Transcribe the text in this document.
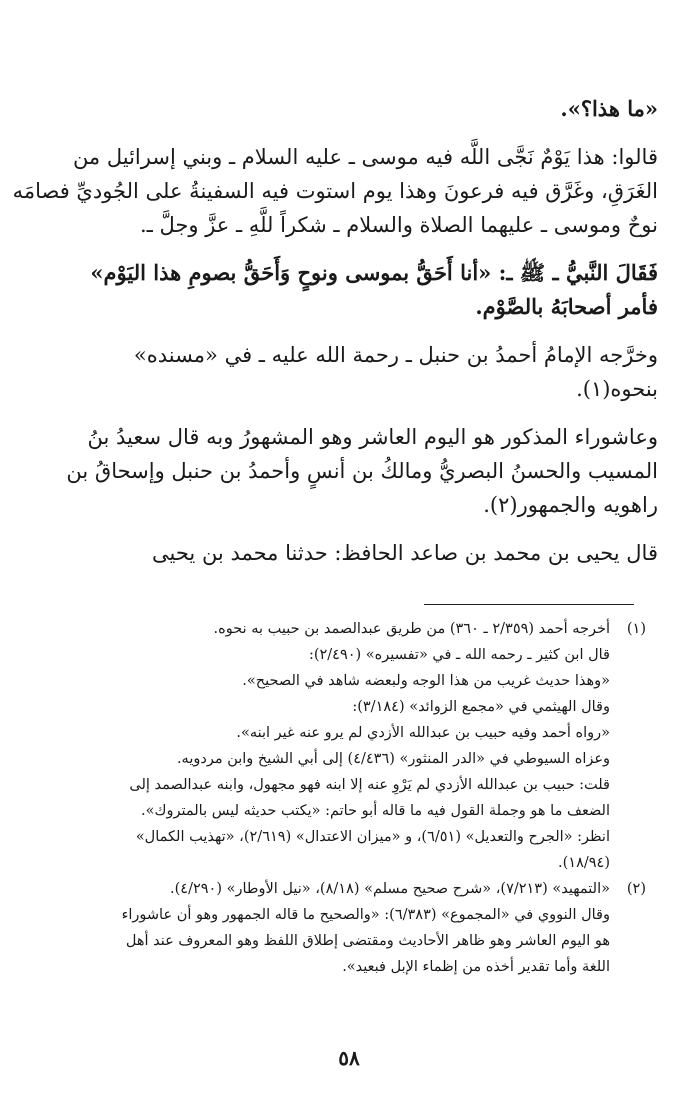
«ما هذا؟».
قالوا: هذا يَوْمٌ نَجَّى اللَّه فيه موسى ـ عليه السلام ـ وبني إسرائيل من
الغَرَقِ، وغَرَّق فيه فرعونَ وهذا يوم استوت فيه السفينةُ على الجُوديِّ فصامَه
نوحٌ وموسى ـ عليهما الصلاة والسلام ـ شكراً للَّهِ ـ عزَّ وجلَّ ـ.
فَقَالَ النَّبيُّ ـ ﷺ ـ: «أنا أَحَقُّ بموسى ونوحٍ وَأَحَقُّ بصومِ هذا اليَوْم»
فأمر أصحابَهُ بالصَّوْم.
وخرَّجه الإمامُ أحمدُ بن حنبل ـ رحمة الله عليه ـ في «مسنده»
بنحوه(١).
وعاشوراء المذكور هو اليوم العاشر وهو المشهورُ وبه قال سعيدُ بنُ
المسيب والحسنُ البصريُّ ومالكُ بن أنسٍ وأحمدُ بن حنبل وإسحاقُ بن
راهويه والجمهور(٢).
قال يحيى بن محمد بن صاعد الحافظ: حدثنا محمد بن يحيى
(١)
أخرجه أحمد (٢/٣٥٩ ـ ٣٦٠) من طريق عبدالصمد بن حبيب به نحوه.
قال ابن كثير ـ رحمه الله ـ في «تفسيره» (٢/٤٩٠):
«وهذا حديث غريب من هذا الوجه ولبعضه شاهد في الصحيح».
وقال الهيثمي في «مجمع الزوائد» (٣/١٨٤):
«رواه أحمد وفيه حبيب بن عبدالله الأزدي لم يرو عنه غير ابنه».
وعزاه السيوطي في «الدر المنثور» (٤/٤٣٦) إلى أبي الشيخ وابن مردويه.
قلت: حبيب بن عبدالله الأزدي لم يَرْوِ عنه إلا ابنه فهو مجهول، وابنه عبدالصمد إلى
الضعف ما هو وجملة القول فيه ما قاله أبو حاتم: «يكتب حديثه ليس بالمتروك».
انظر: «الجرح والتعديل» (٦/٥١)، و «ميزان الاعتدال» (٢/٦١٩)، «تهذيب الكمال»
(١٨/٩٤).
(٢)
«التمهيد» (٧/٢١٣)، «شرح صحيح مسلم» (٨/١٨)، «نيل الأوطار» (٤/٢٩٠).
وقال النووي في «المجموع» (٦/٣٨٣): «والصحيح ما قاله الجمهور وهو أن عاشوراء
هو اليوم العاشر وهو ظاهر الأحاديث ومقتضى إطلاق اللفظ وهو المعروف عند أهل
اللغة وأما تقدير أخذه من إظماء الإبل فبعيد».
٥٨
